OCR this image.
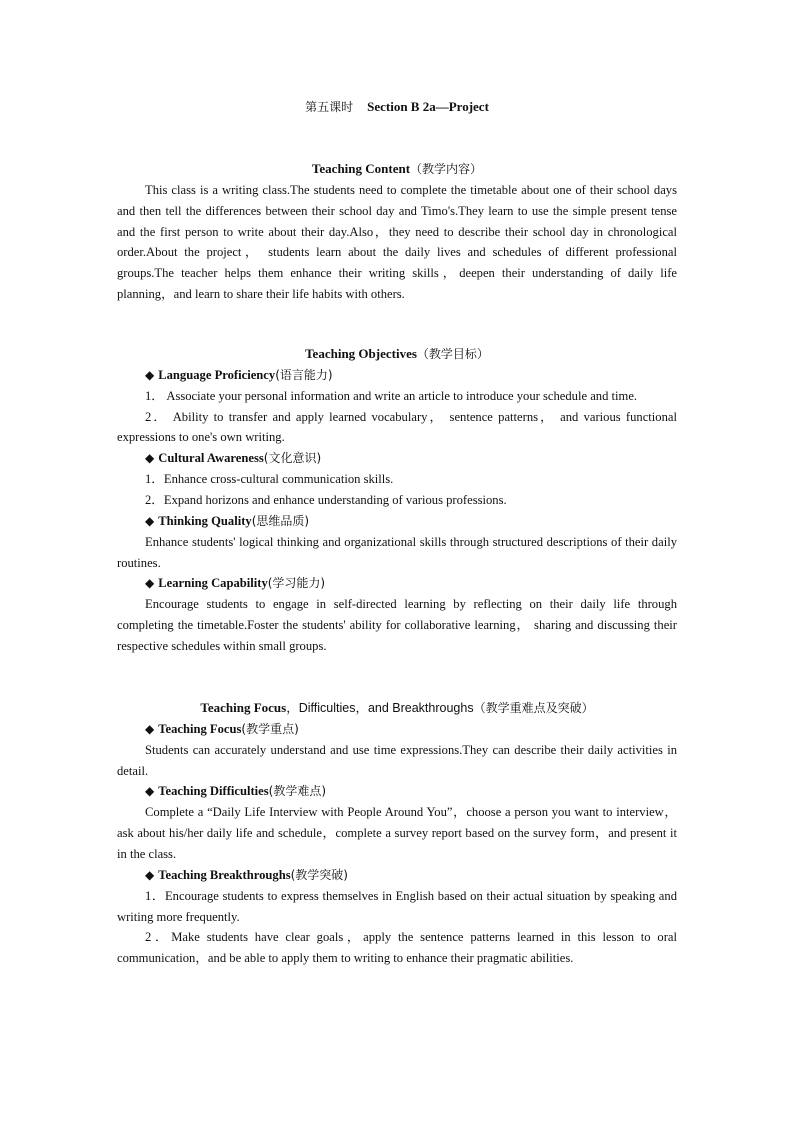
第五课时 Section B 2a—Project
Teaching Content（教学内容）

This class is a writing class.The students need to complete the timetable about one of their school days and then tell the differences between their school day and Timo's.They learn to use the simple present tense and the first person to write about their day.Also，they need to describe their school day in chronological order.About the project， students learn about the daily lives and schedules of different professional groups.The teacher helps them enhance their writing skills，deepen their understanding of daily life planning，and learn to share their life habits with others.

Teaching Objectives（教学目标）
◆ Language Proficiency(语言能力)

1． Associate your personal information and write an article to introduce your schedule and time.

2． Ability to transfer and apply learned vocabulary， sentence patterns， and various functional expressions to one's own writing.

◆ Cultural Awareness(文化意识)

1．Enhance cross-cultural communication skills.

2．Expand horizons and enhance understanding of various professions.

◆ Thinking Quality(思维品质)

Enhance students' logical thinking and organizational skills through structured descriptions of their daily routines.

◆ Learning Capability(学习能力)

Encourage students to engage in self-directed learning by reflecting on their daily life through completing the timetable.Foster the students' ability for collaborative learning， sharing and discussing their respective schedules within small groups.

Teaching Focus，Difficulties，and Breakthroughs（教学重难点及突破）
◆ Teaching Focus(教学重点)

Students can accurately understand and use time expressions.They can describe their daily activities in detail.

◆ Teaching Difficulties(教学难点)

Complete a “Daily Life Interview with People Around You”，choose a person you want to interview，ask about his/her daily life and schedule，complete a survey report based on the survey form，and present it in the class.

◆ Teaching Breakthroughs(教学突破)

1．Encourage students to express themselves in English based on their actual situation by speaking and writing more frequently.

2．Make students have clear goals，apply the sentence patterns learned in this lesson to oral communication，and be able to apply them to writing to enhance their pragmatic abilities.
